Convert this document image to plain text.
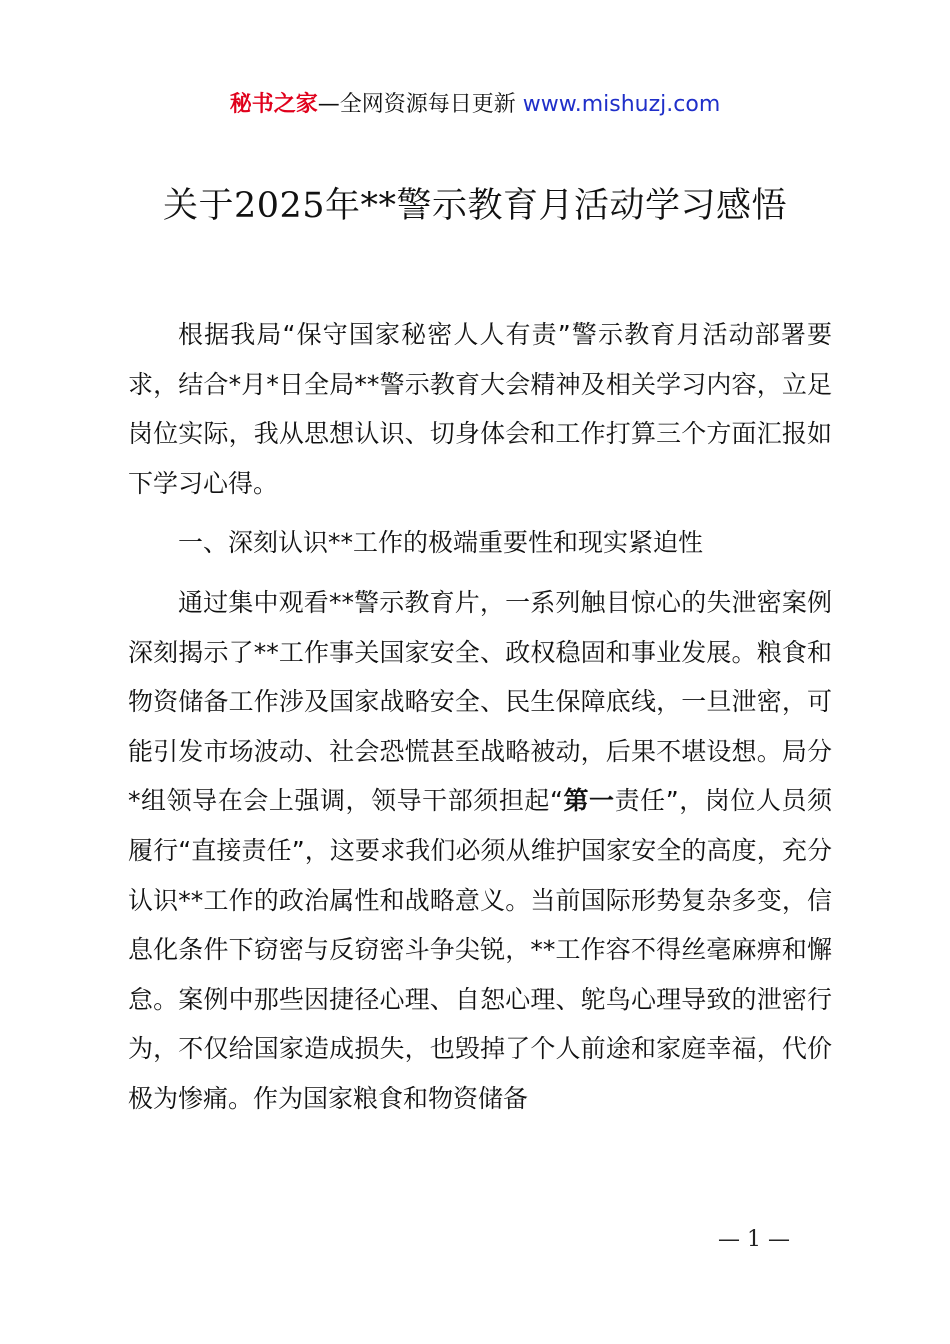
秘书之家—全网资源每日更新 www.mishuzj.com
关于2025年**警示教育月活动学习感悟

根据我局“保守国家秘密人人有责”警示教育月活动部署要求，结合*月*日全局**警示教育大会精神及相关学习内容，立足岗位实际，我从思想认识、切身体会和工作打算三个方面汇报如下学习心得。

一、深刻认识**工作的极端重要性和现实紧迫性

通过集中观看**警示教育片，一系列触目惊心的失泄密案例深刻揭示了**工作事关国家安全、政权稳固和事业发展。粮食和物资储备工作涉及国家战略安全、民生保障底线，一旦泄密，可能引发市场波动、社会恐慌甚至战略被动，后果不堪设想。局分*组领导在会上强调，领导干部须担起“第一责任”，岗位人员须履行“直接责任”，这要求我们必须从维护国家安全的高度，充分认识**工作的政治属性和战略意义。当前国际形势复杂多变，信息化条件下窃密与反窃密斗争尖锐，**工作容不得丝毫麻痹和懈怠。案例中那些因捷径心理、自恕心理、鸵鸟心理导致的泄密行为，不仅给国家造成损失，也毁掉了个人前途和家庭幸福，代价极为惨痛。作为国家粮食和物资储备

— 1 —
